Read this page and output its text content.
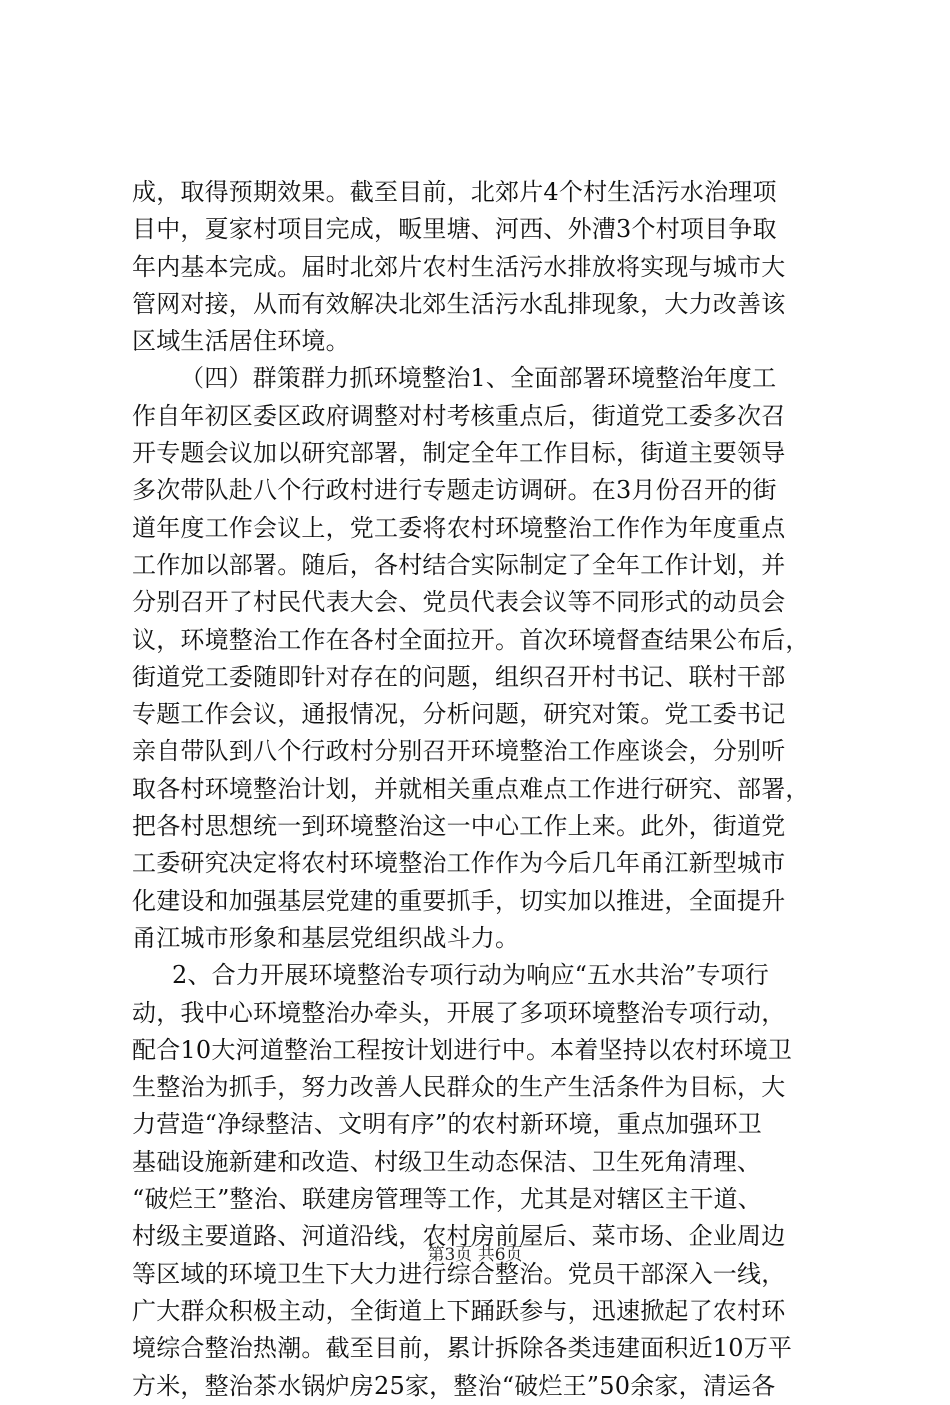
成，取得预期效果。截至目前，北郊片4个村生活污水治理项
目中，夏家村项目完成，畈里塘、河西、外漕3个村项目争取
年内基本完成。届时北郊片农村生活污水排放将实现与城市大
管网对接，从而有效解决北郊生活污水乱排现象，大力改善该
区域生活居住环境。
（四）群策群力抓环境整治1、全面部署环境整治年度工
作自年初区委区政府调整对村考核重点后，街道党工委多次召
开专题会议加以研究部署，制定全年工作目标，街道主要领导
多次带队赴八个行政村进行专题走访调研。在3月份召开的街
道年度工作会议上，党工委将农村环境整治工作作为年度重点
工作加以部署。随后，各村结合实际制定了全年工作计划，并
分别召开了村民代表大会、党员代表会议等不同形式的动员会
议，环境整治工作在各村全面拉开。首次环境督查结果公布后，
街道党工委随即针对存在的问题，组织召开村书记、联村干部
专题工作会议，通报情况，分析问题，研究对策。党工委书记
亲自带队到八个行政村分别召开环境整治工作座谈会，分别听
取各村环境整治计划，并就相关重点难点工作进行研究、部署，
把各村思想统一到环境整治这一中心工作上来。此外，街道党
工委研究决定将农村环境整治工作作为今后几年甬江新型城市
化建设和加强基层党建的重要抓手，切实加以推进，全面提升
甬江城市形象和基层党组织战斗力。
2、合力开展环境整治专项行动为响应“五水共治”专项行
动，我中心环境整治办牵头，开展了多项环境整治专项行动，
配合10大河道整治工程按计划进行中。本着坚持以农村环境卫
生整治为抓手，努力改善人民群众的生产生活条件为目标，大
力营造“净绿整洁、文明有序”的农村新环境，重点加强环卫
基础设施新建和改造、村级卫生动态保洁、卫生死角清理、
“破烂王”整治、联建房管理等工作，尤其是对辖区主干道、
村级主要道路、河道沿线，农村房前屋后、菜市场、企业周边
等区域的环境卫生下大力进行综合整治。党员干部深入一线，
广大群众积极主动，全街道上下踊跃参与，迅速掀起了农村环
境综合整治热潮。截至目前，累计拆除各类违建面积近10万平
方米，整治茶水锅炉房25家，整治“破烂王”50余家，清运各
第3页 共6页
